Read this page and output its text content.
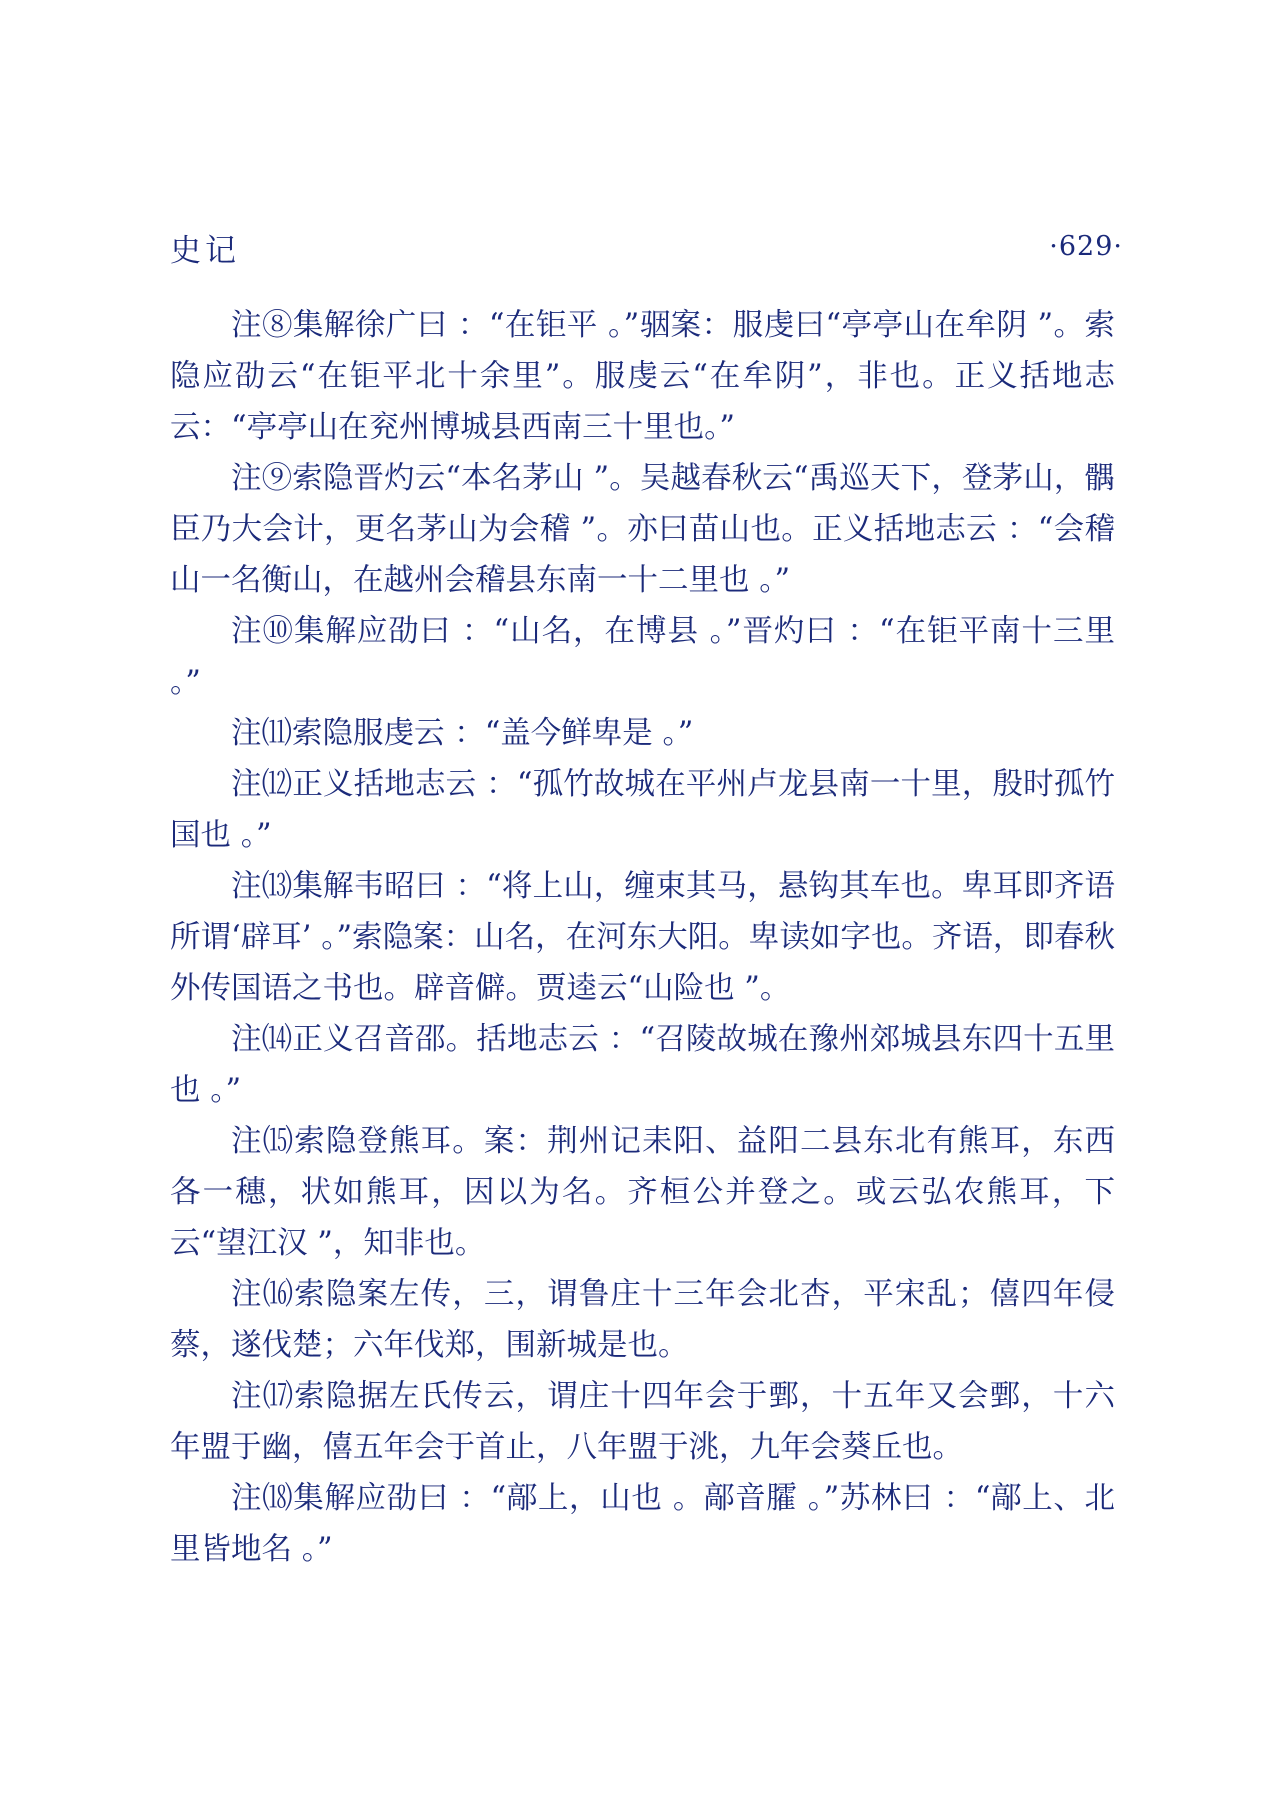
史记	·629·

注⑧集解徐广曰 ：“在钜平 。”骃案：服虔曰“亭亭山在牟阴 ”。索隐应劭云“在钜平北十余里”。服虔云“在牟阴”，非也。正义括地志云：“亭亭山在兖州博城县西南三十里也。”

注⑨索隐晋灼云“本名茅山 ”。吴越春秋云“禹巡天下，登茅山，髃臣乃大会计，更名茅山为会稽 ”。亦曰苗山也。正义括地志云 ：“会稽山一名衡山，在越州会稽县东南一十二里也 。”

注⑩集解应劭曰 ：“山名，在博县 。”晋灼曰 ：“在钜平南十三里 。”

注⑾索隐服虔云 ：“盖今鲜卑是 。”

注⑿正义括地志云 ：“孤竹故城在平州卢龙县南一十里，殷时孤竹国也 。”

注⒀集解韦昭曰 ：“将上山，缠束其马，悬钩其车也。卑耳即齐语所谓‘辟耳’ 。”索隐案：山名，在河东大阳。卑读如字也。齐语，即春秋外传国语之书也。辟音僻。贾逵云“山险也 ”。

注⒁正义召音邵。括地志云 ：“召陵故城在豫州郊城县东四十五里也 。”

注⒂索隐登熊耳。案：荆州记耒阳、益阳二县东北有熊耳，东西各一穗，状如熊耳，因以为名。齐桓公并登之。或云弘农熊耳，下云“望江汉 ”，知非也。

注⒃索隐案左传，三，谓鲁庄十三年会北杏，平宋乱；僖四年侵蔡，遂伐楚；六年伐郑，围新城是也。

注⒄索隐据左氏传云，谓庄十四年会于鄄，十五年又会鄄，十六年盟于幽，僖五年会于首止，八年盟于洮，九年会葵丘也。

注⒅集解应劭曰 ：“鄗上，山也 。鄗音臛 。”苏林曰 ：“鄗上、北里皆地名 。”
